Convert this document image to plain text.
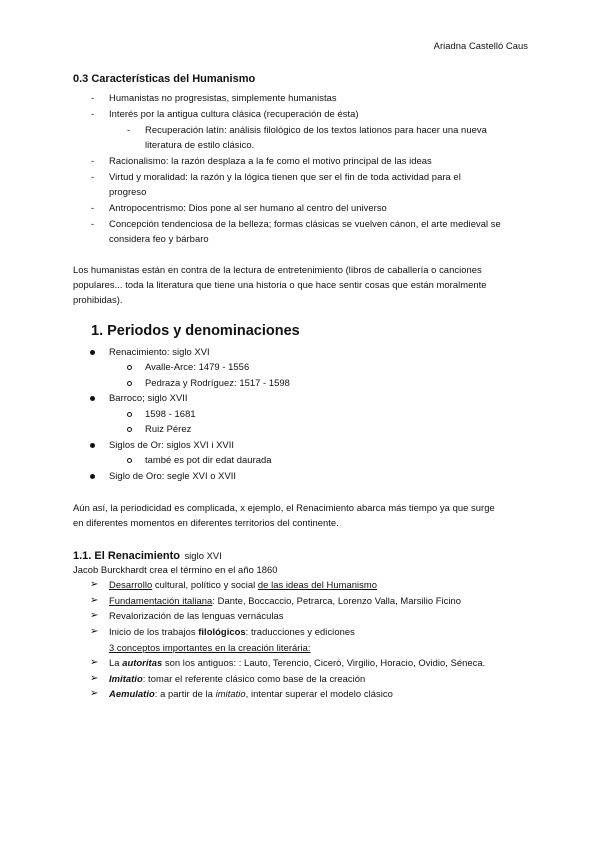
Ariadna Castelló Caus
0.3 Características del Humanismo
- Humanistas no progresistas, simplemente humanistas
- Interés por la antigua cultura clásica (recuperación de ésta)
- Recuperación latín: análisis filológico de los textos lationos para hacer una nueva
literatura de estilo clásico.
- Racionalismo: la razón desplaza a la fe como el motivo principal de las ideas
- Virtud y moralidad: la razón y la lógica tienen que ser el fin de toda actividad para el
progreso
- Antropocentrismo: Dios pone al ser humano al centro del universo
- Concepción tendenciosa de la belleza; formas clásicas se vuelven cánon, el arte medieval se
considera feo y bárbaro
Los humanistas están en contra de la lectura de entretenimiento (libros de caballería o canciones
populares... toda la literatura que tiene una historia o que hace sentir cosas que están moralmente
prohibidas).
1. Periodos y denominaciones
Renacimiento: siglo XVI
Avalle-Arce: 1479 - 1556
Pedraza y Rodríguez: 1517 - 1598
Barroco; siglo XVII
1598 - 1681
Ruiz Pérez
Siglos de Or: siglos XVI i XVII
també es pot dir edat daurada
Siglo de Oro: segle XVI o XVII
Aún así, la periodicidad es complicada, x ejemplo, el Renacimiento abarca más tiempo ya que surge
en diferentes momentos en diferentes territorios del continente.
1.1. El Renacimiento siglo XVI
Jacob Burckhardt crea el término en el año 1860
➢ Desarrollo cultural, político y social de las ideas del Humanismo
➢ Fundamentación italiana: Dante, Boccaccio, Petrarca, Lorenzo Valla, Marsilio Ficino
➢ Revalorización de las lenguas vernáculas
➢ Inicio de los trabajos filológicos: traducciones y ediciones
3 conceptos importantes en la creación literária:
➢ La autoritas son los antiguos: : Lauto, Terencio, Ciceró, Virgilio, Horacio, Ovidio, Séneca.
➢ Imitatio: tomar el referente clásico como base de la creación
➢ Aemulatio: a partir de la imitatio, intentar superar el modelo clásico
